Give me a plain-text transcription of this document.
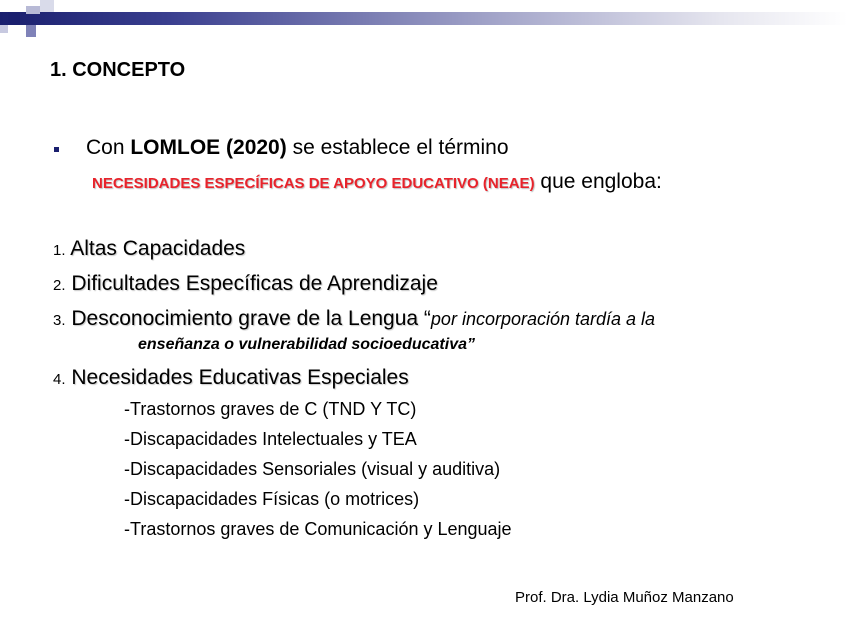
1. CONCEPTO
Con LOMLOE (2020) se establece el término
NECESIDADES ESPECÍFICAS DE APOYO EDUCATIVO (NEAE) que engloba:
1. Altas Capacidades
2. Dificultades Específicas de Aprendizaje
3. Desconocimiento grave de la Lengua “por incorporación tardía a la
enseñanza o vulnerabilidad socioeducativa”
4. Necesidades Educativas Especiales
-Trastornos graves de C (TND Y TC)
-Discapacidades Intelectuales y TEA
-Discapacidades Sensoriales (visual y auditiva)
-Discapacidades Físicas (o motrices)
-Trastornos graves de Comunicación y Lenguaje
Prof. Dra. Lydia Muñoz Manzano
